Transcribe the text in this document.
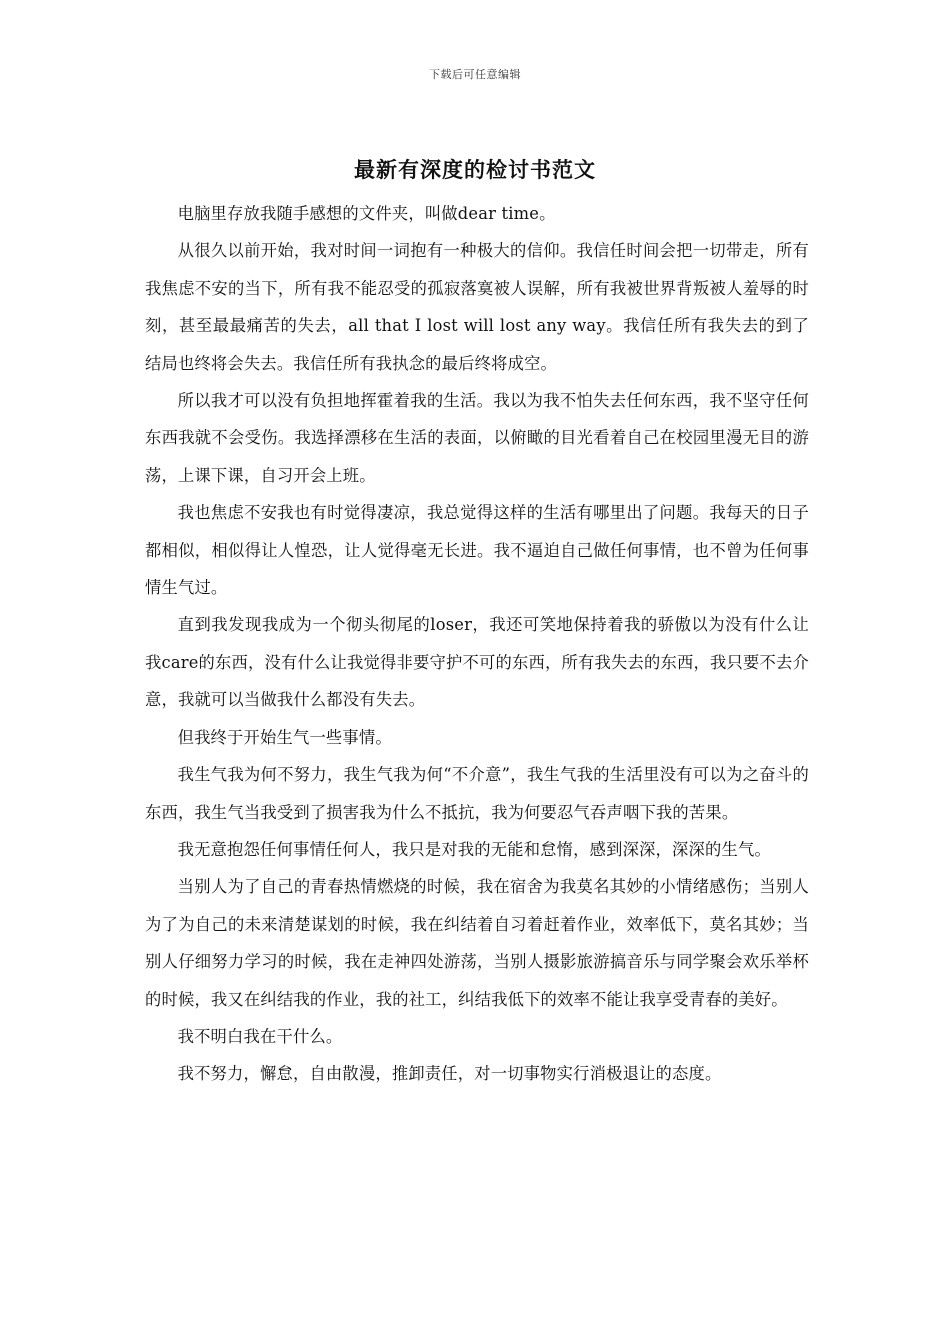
下载后可任意编辑
最新有深度的检讨书范文

电脑里存放我随手感想的文件夹，叫做dear time。

从很久以前开始，我对时间一词抱有一种极大的信仰。我信任时间会把一切带走，所有我焦虑不安的当下，所有我不能忍受的孤寂落寞被人误解，所有我被世界背叛被人羞辱的时刻，甚至最最痛苦的失去，all that I lost will lost any way。我信任所有我失去的到了结局也终将会失去。我信任所有我执念的最后终将成空。

所以我才可以没有负担地挥霍着我的生活。我以为我不怕失去任何东西，我不坚守任何东西我就不会受伤。我选择漂移在生活的表面，以俯瞰的目光看着自己在校园里漫无目的游荡，上课下课，自习开会上班。

我也焦虑不安我也有时觉得凄凉，我总觉得这样的生活有哪里出了问题。我每天的日子都相似，相似得让人惶恐，让人觉得毫无长进。我不逼迫自己做任何事情，也不曾为任何事情生气过。

直到我发现我成为一个彻头彻尾的loser，我还可笑地保持着我的骄傲以为没有什么让我care的东西，没有什么让我觉得非要守护不可的东西，所有我失去的东西，我只要不去介意，我就可以当做我什么都没有失去。

但我终于开始生气一些事情。

我生气我为何不努力，我生气我为何“不介意”，我生气我的生活里没有可以为之奋斗的东西，我生气当我受到了损害我为什么不抵抗，我为何要忍气吞声咽下我的苦果。

我无意抱怨任何事情任何人，我只是对我的无能和怠惰，感到深深，深深的生气。

当别人为了自己的青春热情燃烧的时候，我在宿舍为我莫名其妙的小情绪感伤；当别人为了为自己的未来清楚谋划的时候，我在纠结着自习着赶着作业，效率低下，莫名其妙；当别人仔细努力学习的时候，我在走神四处游荡，当别人摄影旅游搞音乐与同学聚会欢乐举杯的时候，我又在纠结我的作业，我的社工，纠结我低下的效率不能让我享受青春的美好。

我不明白我在干什么。

我不努力，懈怠，自由散漫，推卸责任，对一切事物实行消极退让的态度。
